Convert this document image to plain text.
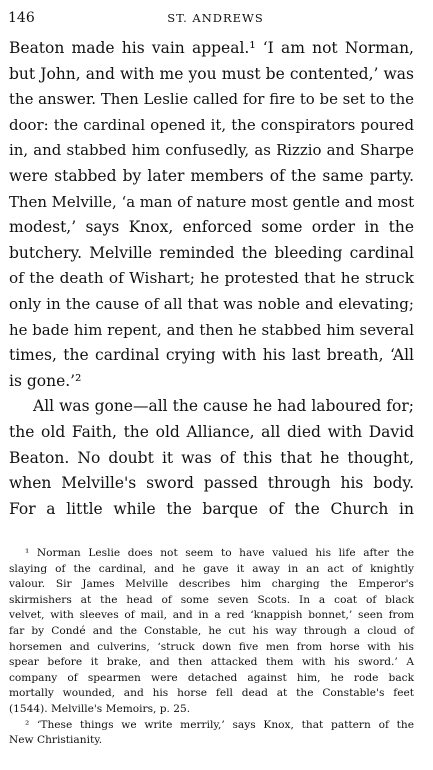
146	ST. ANDREWS
Beaton made his vain appeal.¹ ‘I am not Norman,
but John, and with me you must be contented,’ was
the answer. Then Leslie called for fire to be set to the
door: the cardinal opened it, the conspirators poured
in, and stabbed him confusedly, as Rizzio and Sharpe
were stabbed by later members of the same party.
Then Melville, ‘a man of nature most gentle and most
modest,’ says Knox, enforced some order in the
butchery. Melville reminded the bleeding cardinal
of the death of Wishart; he protested that he struck
only in the cause of all that was noble and elevating;
he bade him repent, and then he stabbed him several
times, the cardinal crying with his last breath, ‘All
is gone.’²
All was gone—all the cause he had laboured for;
the old Faith, the old Alliance, all died with David
Beaton. No doubt it was of this that he thought,
when Melville's sword passed through his body.
For a little while the barque of the Church in
¹ Norman Leslie does not seem to have valued his life after the
slaying of the cardinal, and he gave it away in an act of knightly
valour. Sir James Melville describes him charging the Emperor's
skirmishers at the head of some seven Scots. In a coat of black
velvet, with sleeves of mail, and in a red ‘knappish bonnet,’ seen from
far by Condé and the Constable, he cut his way through a cloud of
horsemen and culverins, ‘struck down five men from horse with his
spear before it brake, and then attacked them with his sword.’ A
company of spearmen were detached against him, he rode back
mortally wounded, and his horse fell dead at the Constable's feet
(1544). Melville's Memoirs, p. 25.
² ‘These things we write merrily,’ says Knox, that pattern of the
New Christianity.
